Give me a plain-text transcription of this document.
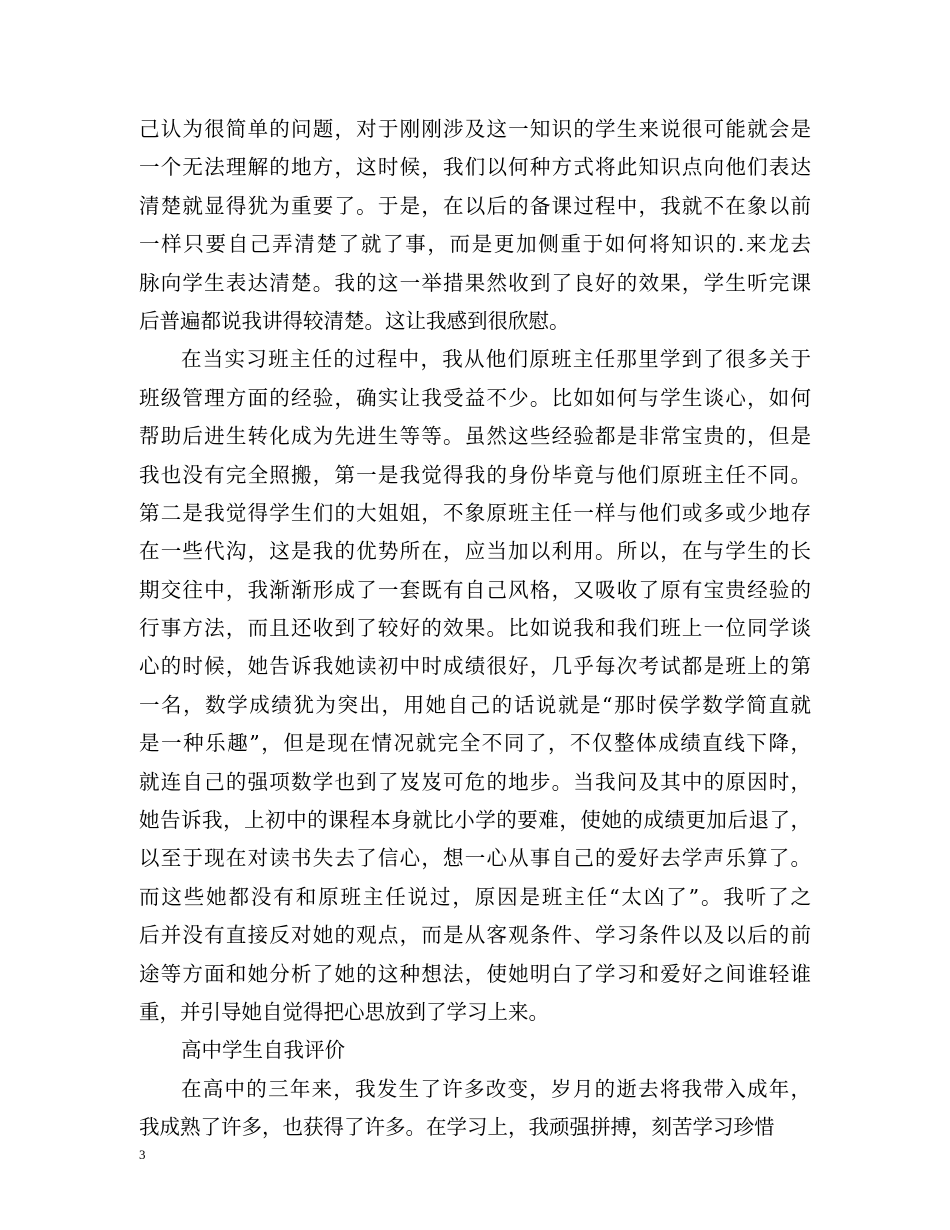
己认为很简单的问题，对于刚刚涉及这一知识的学生来说很可能就会是
一个无法理解的地方，这时候，我们以何种方式将此知识点向他们表达
清楚就显得犹为重要了。于是，在以后的备课过程中，我就不在象以前
一样只要自己弄清楚了就了事，而是更加侧重于如何将知识的.来龙去
脉向学生表达清楚。我的这一举措果然收到了良好的效果，学生听完课
后普遍都说我讲得较清楚。这让我感到很欣慰。
在当实习班主任的过程中，我从他们原班主任那里学到了很多关于
班级管理方面的经验，确实让我受益不少。比如如何与学生谈心，如何
帮助后进生转化成为先进生等等。虽然这些经验都是非常宝贵的，但是
我也没有完全照搬，第一是我觉得我的身份毕竟与他们原班主任不同。
第二是我觉得学生们的大姐姐，不象原班主任一样与他们或多或少地存
在一些代沟，这是我的优势所在，应当加以利用。所以，在与学生的长
期交往中，我渐渐形成了一套既有自己风格，又吸收了原有宝贵经验的
行事方法，而且还收到了较好的效果。比如说我和我们班上一位同学谈
心的时候，她告诉我她读初中时成绩很好，几乎每次考试都是班上的第
一名，数学成绩犹为突出，用她自己的话说就是“那时侯学数学简直就
是一种乐趣”，但是现在情况就完全不同了，不仅整体成绩直线下降，
就连自己的强项数学也到了岌岌可危的地步。当我问及其中的原因时，
她告诉我，上初中的课程本身就比小学的要难，使她的成绩更加后退了，
以至于现在对读书失去了信心，想一心从事自己的爱好去学声乐算了。
而这些她都没有和原班主任说过，原因是班主任“太凶了”。我听了之
后并没有直接反对她的观点，而是从客观条件、学习条件以及以后的前
途等方面和她分析了她的这种想法，使她明白了学习和爱好之间谁轻谁
重，并引导她自觉得把心思放到了学习上来。
高中学生自我评价
在高中的三年来，我发生了许多改变，岁月的逝去将我带入成年，
我成熟了许多，也获得了许多。在学习上，我顽强拼搏，刻苦学习珍惜
3
